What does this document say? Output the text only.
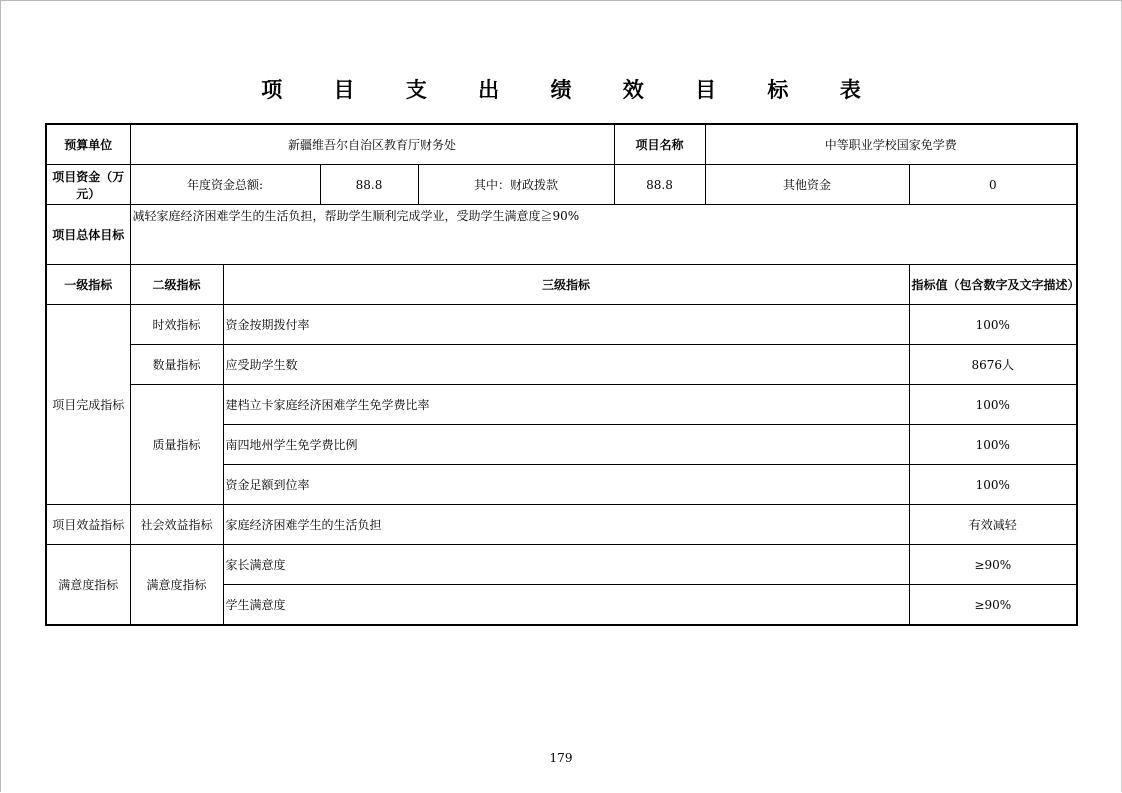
项 目 支 出 绩 效 目 标 表
预算单位	新疆维吾尔自治区教育厅财务处				项目名称	中等职业学校国家免学费	
项目资金（万元）	年度资金总额:		88.8	其中：财政拨款	88.8	其他资金	0
项目总体目标	减轻家庭经济困难学生的生活负担，帮助学生顺利完成学业，受助学生满意度≧90%						
一级指标	二级指标	三级指标					指标值（包含数字及文字描述）
项目完成指标	时效指标	资金按期拨付率					100%
	数量指标	应受助学生数					8676人
	质量指标	建档立卡家庭经济困难学生免学费比率					100%
		南四地州学生免学费比例					100%
		资金足额到位率					100%
项目效益指标	社会效益指标	家庭经济困难学生的生活负担					有效减轻
满意度指标	满意度指标	家长满意度					≥90%
		学生满意度					≥90%
179
